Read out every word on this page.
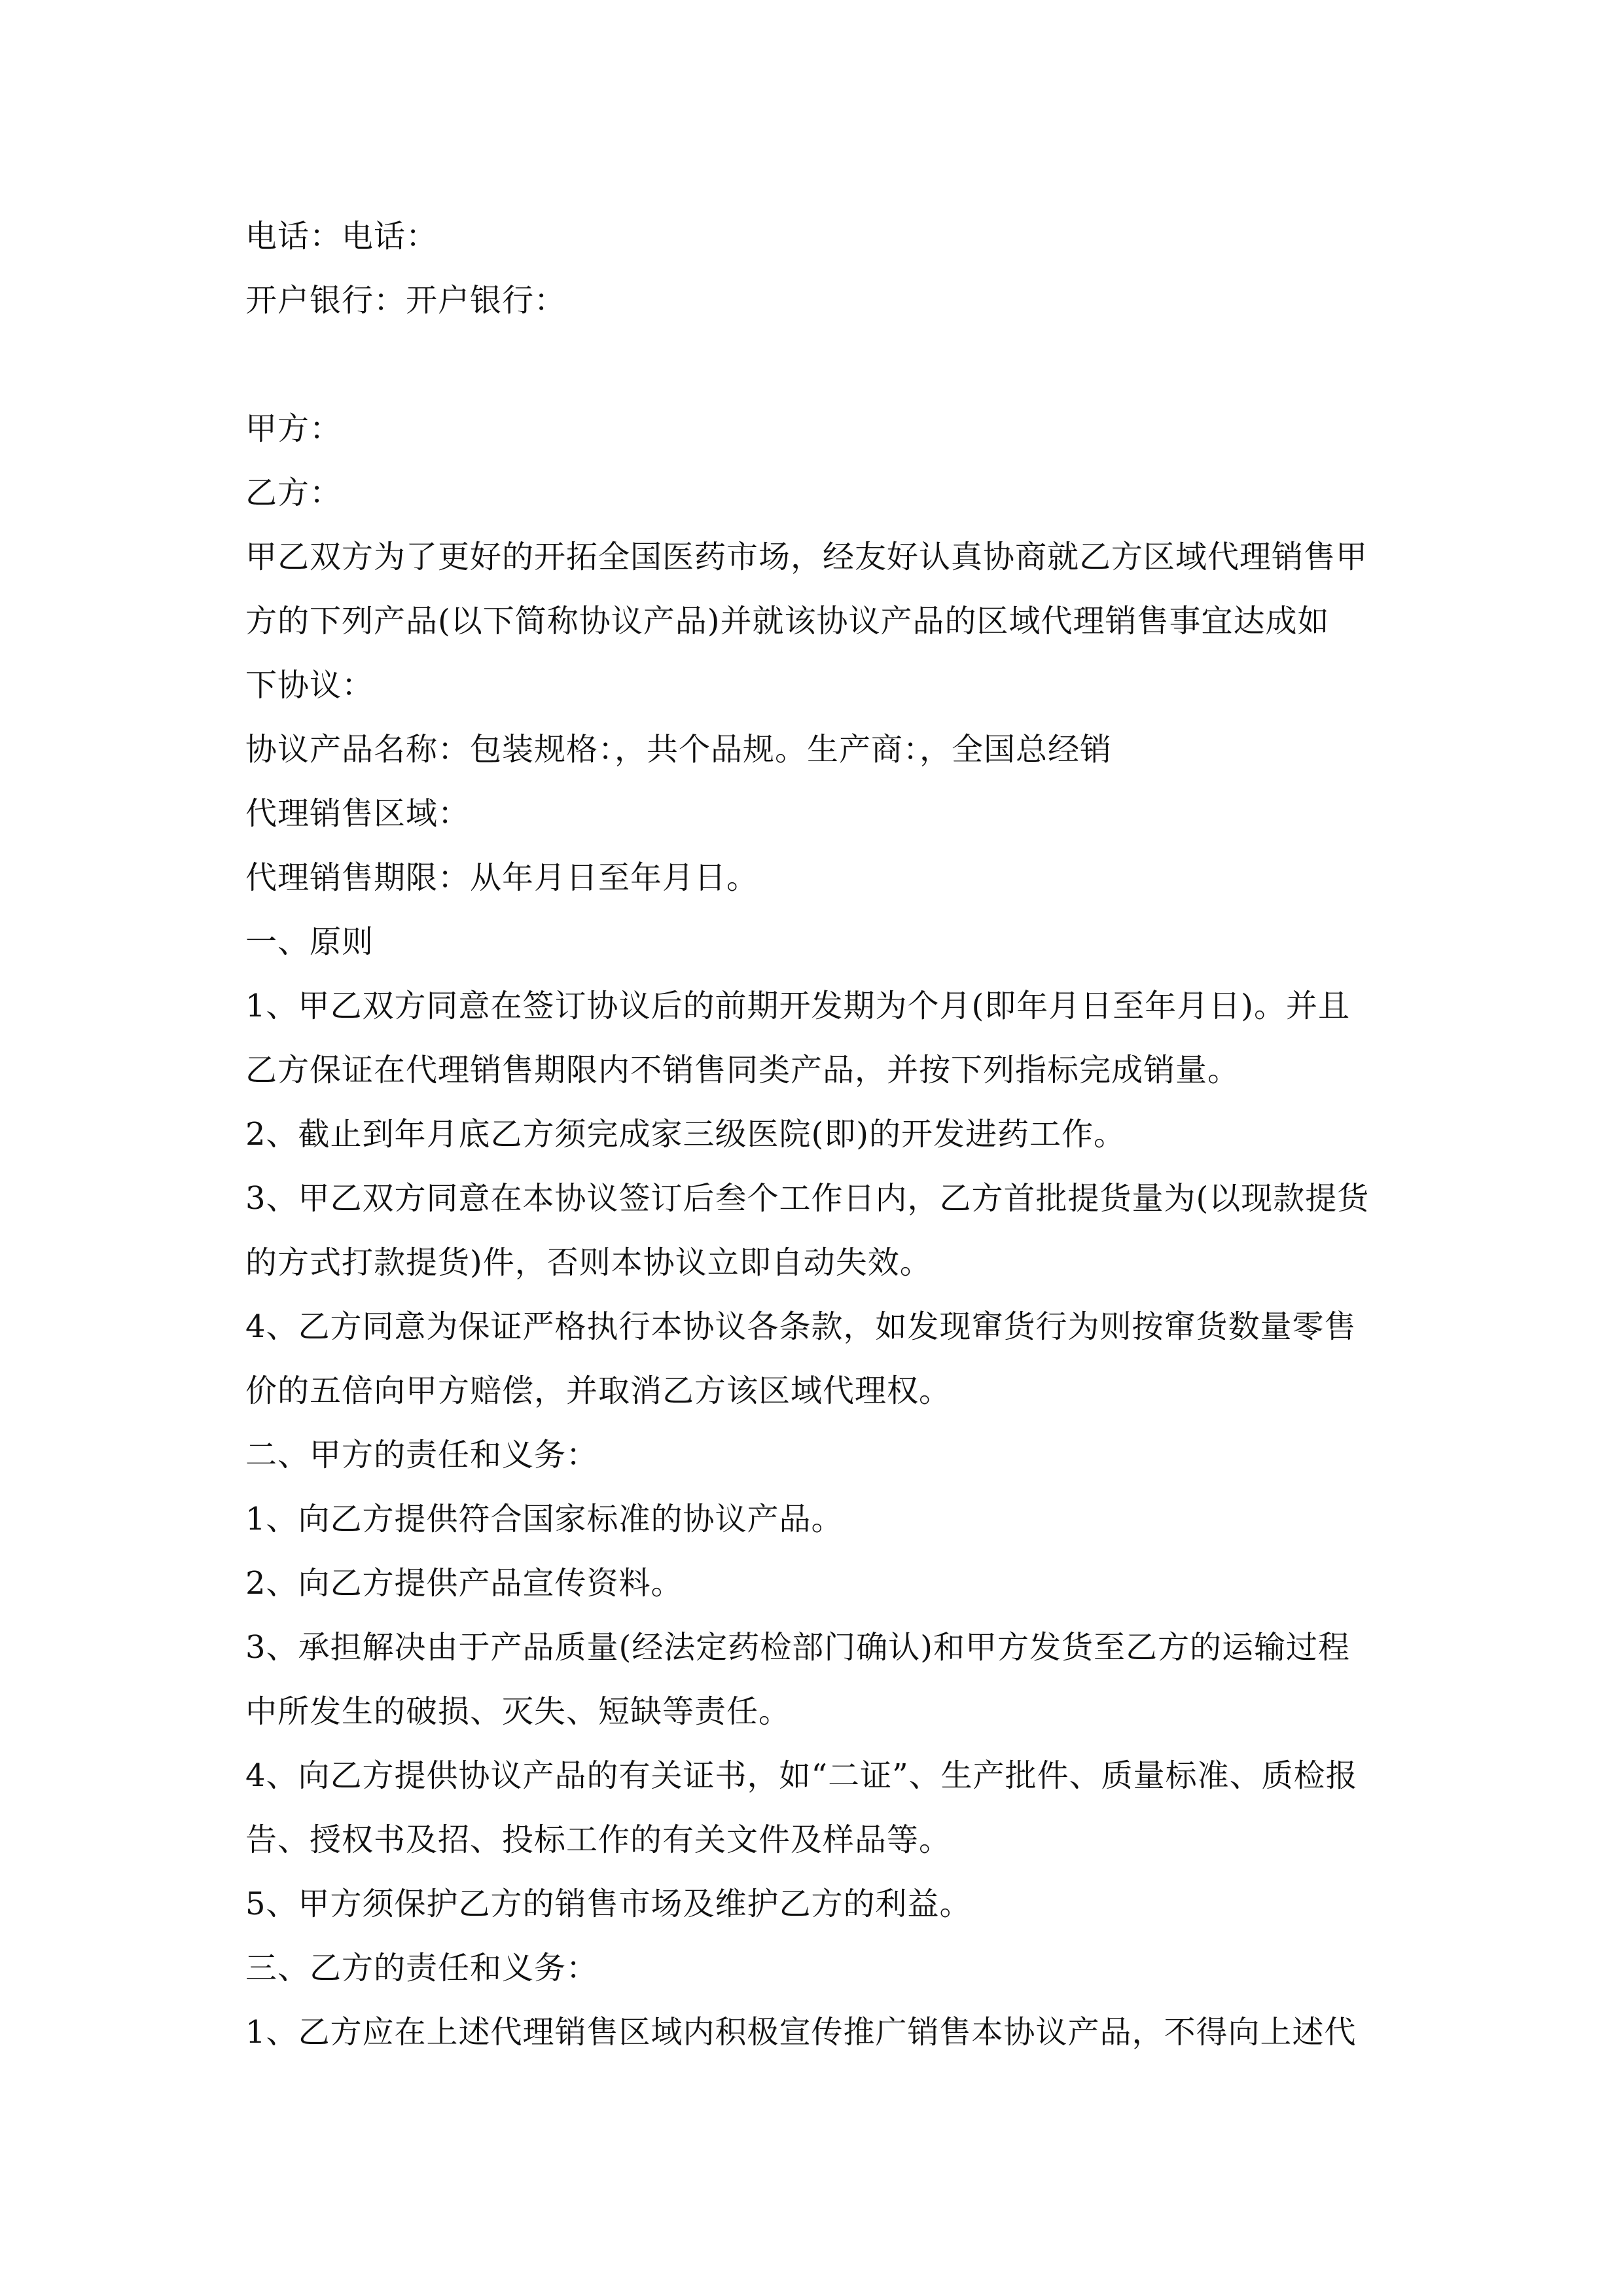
电话：电话：
开户银行：开户银行：
甲方：
乙方：
甲乙双方为了更好的开拓全国医药市场，经友好认真协商就乙方区域代理销售甲
方的下列产品(以下简称协议产品)并就该协议产品的区域代理销售事宜达成如
下协议：
协议产品名称：包装规格：，共个品规。生产商：，全国总经销
代理销售区域：
代理销售期限：从年月日至年月日。
一、原则
1、甲乙双方同意在签订协议后的前期开发期为个月(即年月日至年月日)。并且
乙方保证在代理销售期限内不销售同类产品，并按下列指标完成销量。
2、截止到年月底乙方须完成家三级医院(即)的开发进药工作。
3、甲乙双方同意在本协议签订后叁个工作日内，乙方首批提货量为(以现款提货
的方式打款提货)件，否则本协议立即自动失效。
4、乙方同意为保证严格执行本协议各条款，如发现窜货行为则按窜货数量零售
价的五倍向甲方赔偿，并取消乙方该区域代理权。
二、甲方的责任和义务：
1、向乙方提供符合国家标准的协议产品。
2、向乙方提供产品宣传资料。
3、承担解决由于产品质量(经法定药检部门确认)和甲方发货至乙方的运输过程
中所发生的破损、灭失、短缺等责任。
4、向乙方提供协议产品的有关证书，如“二证”、生产批件、质量标准、质检报
告、授权书及招、投标工作的有关文件及样品等。
5、甲方须保护乙方的销售市场及维护乙方的利益。
三、乙方的责任和义务：
1、乙方应在上述代理销售区域内积极宣传推广销售本协议产品，不得向上述代
